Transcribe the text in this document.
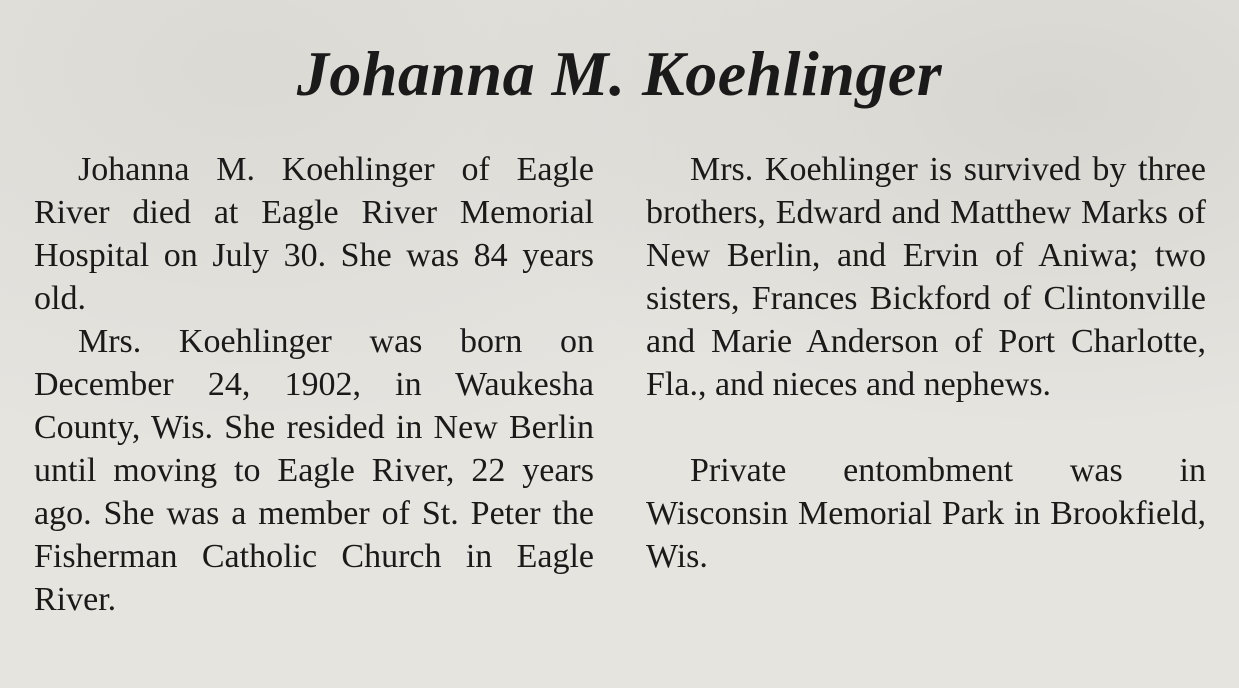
Johanna M. Koehlinger

Johanna M. Koehlinger of Eagle River died at Eagle River Memorial Hospital on July 30. She was 84 years old.

Mrs. Koehlinger was born on December 24, 1902, in Waukesha County, Wis. She resided in New Berlin until moving to Eagle River, 22 years ago. She was a member of St. Peter the Fisherman Catholic Church in Eagle River.

Mrs. Koehlinger is survived by three brothers, Edward and Matthew Marks of New Berlin, and Ervin of Aniwa; two sisters, Frances Bickford of Clintonville and Marie Anderson of Port Charlotte, Fla., and nieces and nephews.

Private entombment was in Wisconsin Memorial Park in Brookfield, Wis.
